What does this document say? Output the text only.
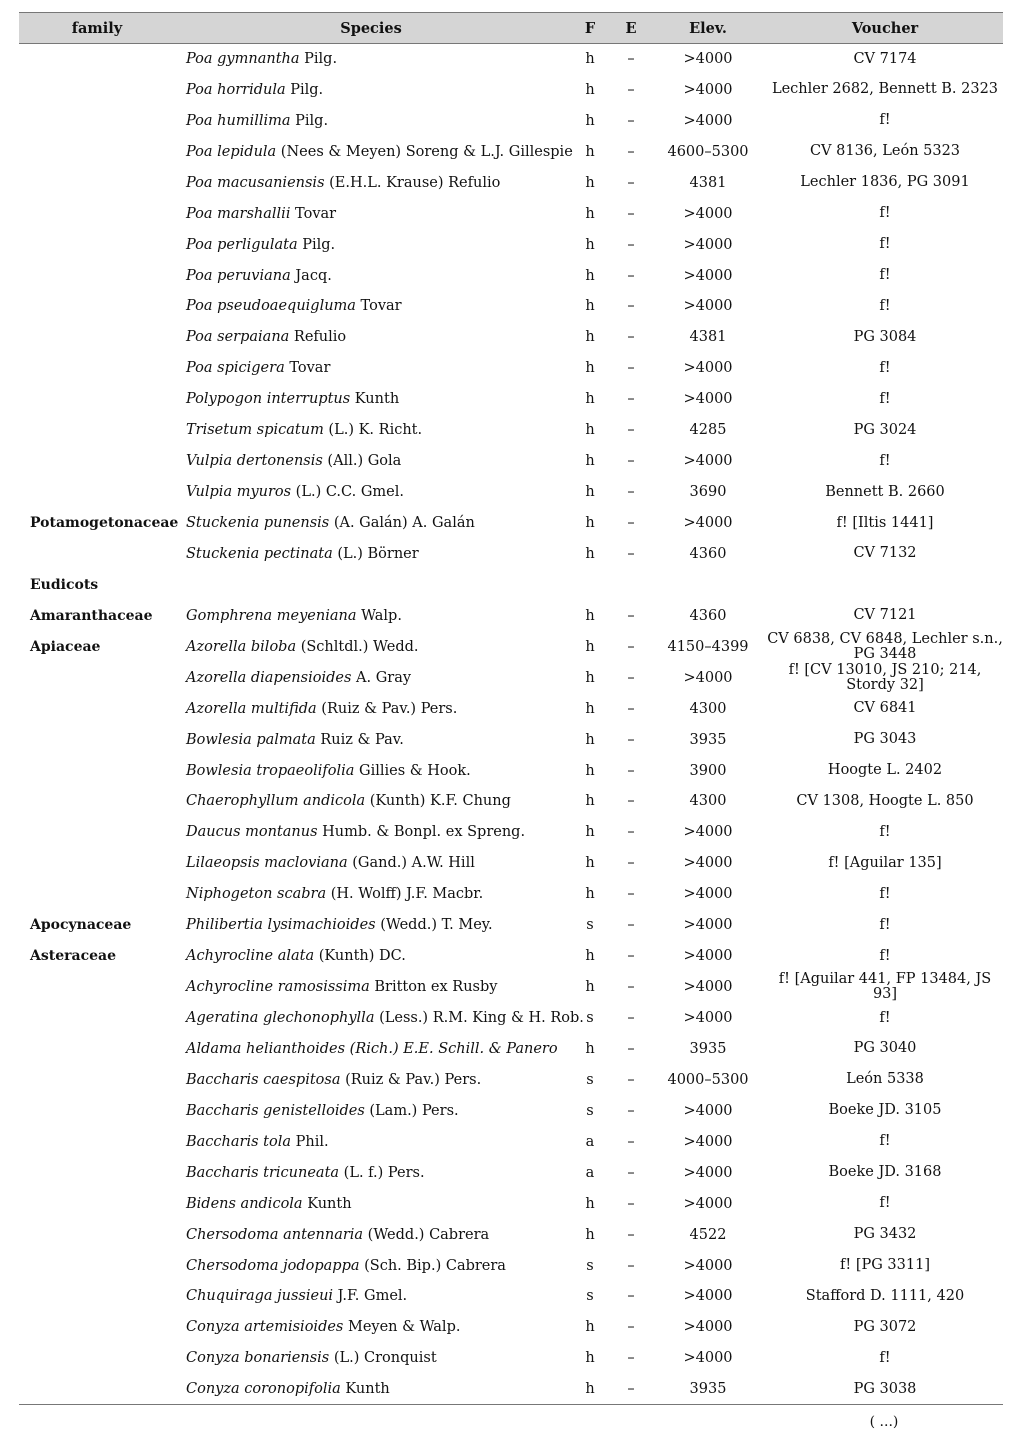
family	Species	F	E	Elev.	Voucher
	Poa gymnantha Pilg.	h	–	>4000	CV 7174
	Poa horridula Pilg.	h	–	>4000	Lechler 2682, Bennett B. 2323
	Poa humillima Pilg.	h	–	>4000	f!
	Poa lepidula (Nees & Meyen) Soreng & L.J. Gillespie	h	–	4600–5300	CV 8136, León 5323
	Poa macusaniensis (E.H.L. Krause) Refulio	h	–	4381	Lechler 1836, PG 3091
	Poa marshallii Tovar	h	–	>4000	f!
	Poa perligulata Pilg.	h	–	>4000	f!
	Poa peruviana Jacq.	h	–	>4000	f!
	Poa pseudoaequigluma Tovar	h	–	>4000	f!
	Poa serpaiana Refulio	h	–	4381	PG 3084
	Poa spicigera Tovar	h	–	>4000	f!
	Polypogon interruptus Kunth	h	–	>4000	f!
	Trisetum spicatum (L.) K. Richt.	h	–	4285	PG 3024
	Vulpia dertonensis (All.) Gola	h	–	>4000	f!
	Vulpia myuros (L.) C.C. Gmel.	h	–	3690	Bennett B. 2660
Potamogetonaceae	Stuckenia punensis (A. Galán) A. Galán	h	–	>4000	f! [Iltis 1441]
	Stuckenia pectinata (L.) Börner	h	–	4360	CV 7132
Eudicots					
Amaranthaceae	Gomphrena meyeniana Walp.	h	–	4360	CV 7121
Apiaceae	Azorella biloba (Schltdl.) Wedd.	h	–	4150–4399	CV 6838, CV 6848, Lechler s.n., PG 3448
	Azorella diapensioides A. Gray	h	–	>4000	f! [CV 13010, JS 210; 214, Stordy 32]
	Azorella multifida (Ruiz & Pav.) Pers.	h	–	4300	CV 6841
	Bowlesia palmata Ruiz & Pav.	h	–	3935	PG 3043
	Bowlesia tropaeolifolia Gillies & Hook.	h	–	3900	Hoogte L. 2402
	Chaerophyllum andicola (Kunth) K.F. Chung	h	–	4300	CV 1308, Hoogte L. 850
	Daucus montanus Humb. & Bonpl. ex Spreng.	h	–	>4000	f!
	Lilaeopsis macloviana (Gand.) A.W. Hill	h	–	>4000	f! [Aguilar 135]
	Niphogeton scabra (H. Wolff) J.F. Macbr.	h	–	>4000	f!
Apocynaceae	Philibertia lysimachioides (Wedd.) T. Mey.	s	–	>4000	f!
Asteraceae	Achyrocline alata (Kunth) DC.	h	–	>4000	f!
	Achyrocline ramosissima Britton ex Rusby	h	–	>4000	f! [Aguilar 441, FP 13484, JS 93]
	Ageratina glechonophylla (Less.) R.M. King & H. Rob.	s	–	>4000	f!
	Aldama helianthoides (Rich.) E.E. Schill. & Panero	h	–	3935	PG 3040
	Baccharis caespitosa (Ruiz & Pav.) Pers.	s	–	4000–5300	León 5338
	Baccharis genistelloides (Lam.) Pers.	s	–	>4000	Boeke JD. 3105
	Baccharis tola Phil.	a	–	>4000	f!
	Baccharis tricuneata (L. f.) Pers.	a	–	>4000	Boeke JD. 3168
	Bidens andicola Kunth	h	–	>4000	f!
	Chersodoma antennaria (Wedd.) Cabrera	h	–	4522	PG 3432
	Chersodoma jodopappa (Sch. Bip.) Cabrera	s	–	>4000	f! [PG 3311]
	Chuquiraga jussieui J.F. Gmel.	s	–	>4000	Stafford D. 1111, 420
	Conyza artemisioides Meyen & Walp.	h	–	>4000	PG 3072
	Conyza bonariensis (L.) Cronquist	h	–	>4000	f!
	Conyza coronopifolia Kunth	h	–	3935	PG 3038
( ...)
